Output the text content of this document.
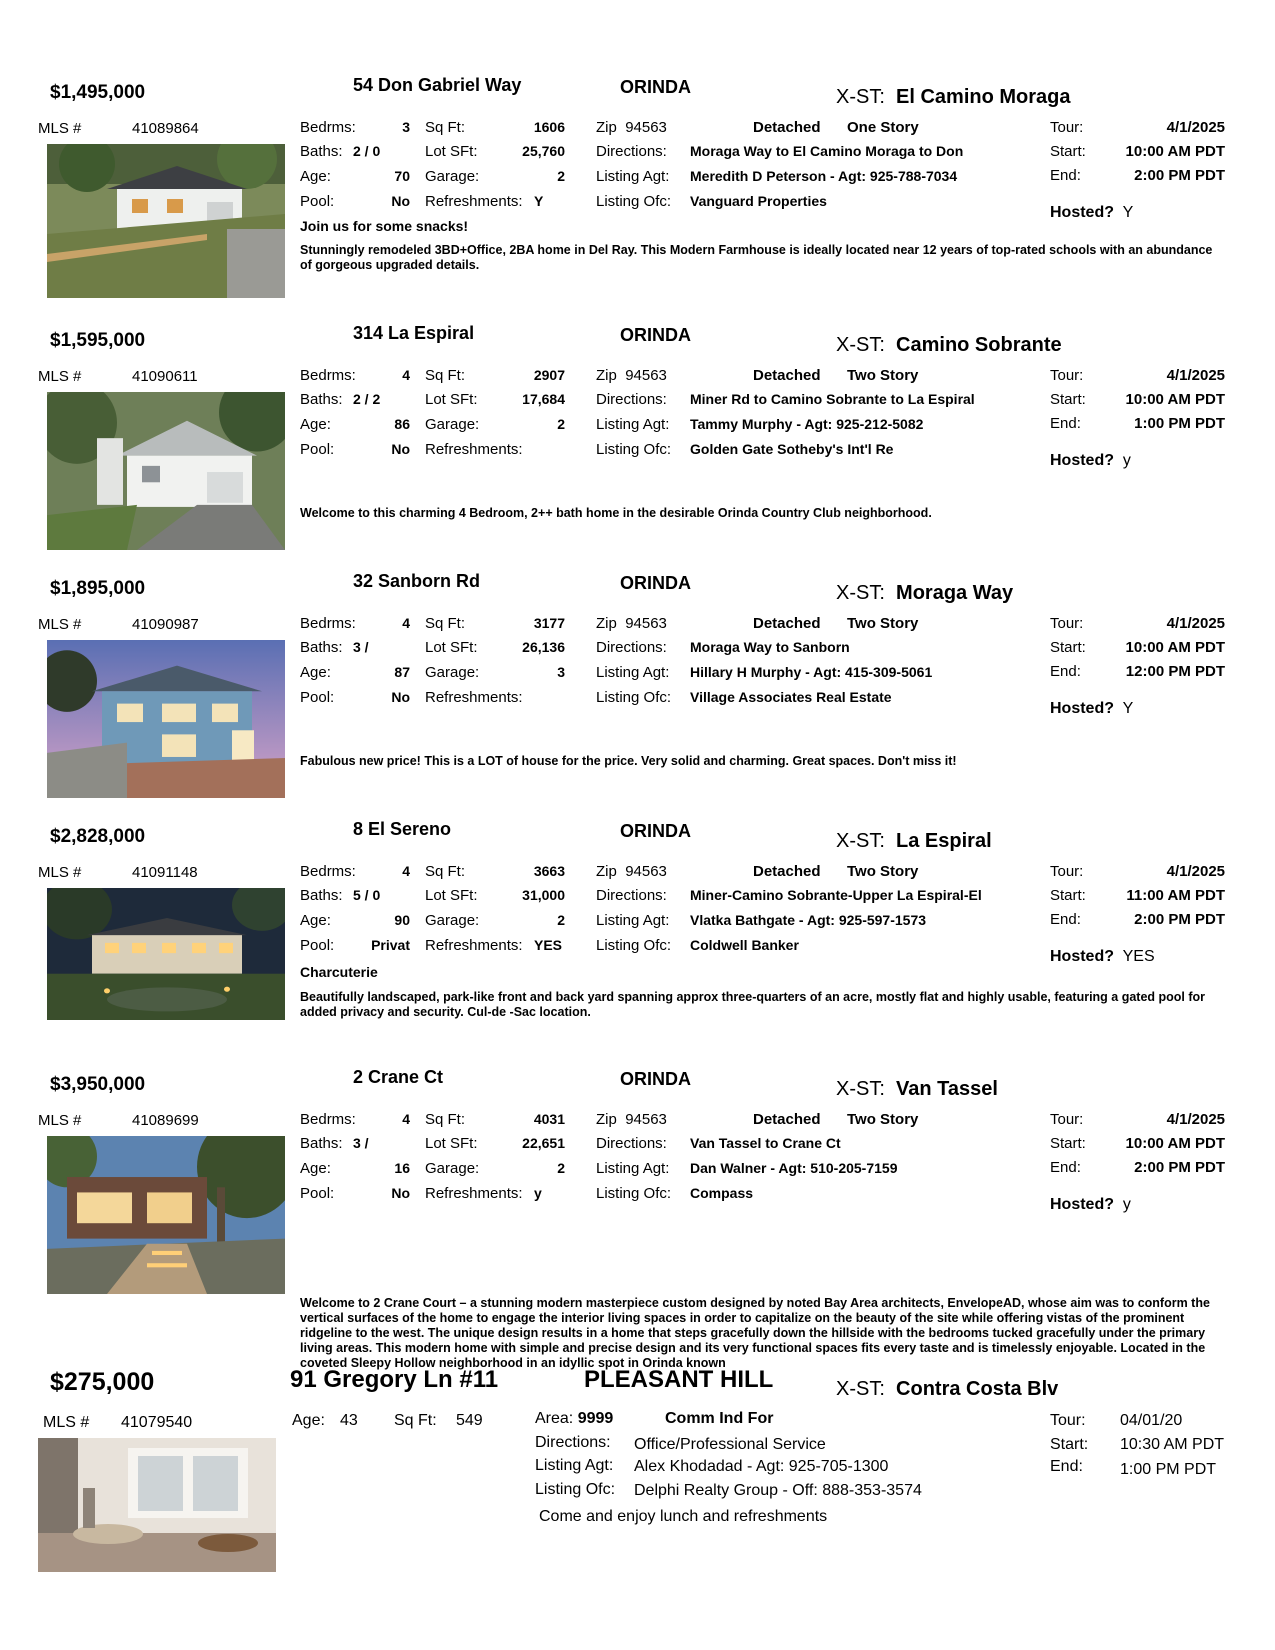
$1,495,000	54 Don Gabriel Way	ORINDA	X-ST: El Camino Moraga
MLS #	41089864	Bedrms:	3
Baths: 2 / 0
Age:	70
Pool:	No
Sq Ft:	1606
Lot SFt:	25,760
Garage:	2
Refreshments: Y
Zip 94563	Detached One Story
Directions: Moraga Way to El Camino Moraga to Don
Listing Agt: Meredith D Peterson - Agt: 925-788-7034
Listing Ofc: Vanguard Properties
Tour:	4/1/2025
Start:	10:00 AM PDT
End:	2:00 PM PDT
Hosted? Y
Join us for some snacks!
Stunningly remodeled 3BD+Office, 2BA home in Del Ray. This Modern Farmhouse is ideally located near 12 years of top-rated schools with an abundance of gorgeous upgraded details.
$1,595,000	314 La Espiral	ORINDA	X-ST: Camino Sobrante
MLS #	41090611	Bedrms:	4
Baths: 2 / 2
Age:	86
Pool:	No
Sq Ft:	2907
Lot SFt:	17,684
Garage:	2
Refreshments:
Zip 94563	Detached Two Story
Directions: Miner Rd to Camino Sobrante to La Espiral
Listing Agt: Tammy Murphy - Agt: 925-212-5082
Listing Ofc: Golden Gate Sotheby's Int'l Re
Tour:	4/1/2025
Start:	10:00 AM PDT
End:	1:00 PM PDT
Hosted? y
Welcome to this charming 4 Bedroom, 2++ bath home in the desirable Orinda Country Club neighborhood.
$1,895,000	32 Sanborn Rd	ORINDA	X-ST: Moraga Way
MLS #	41090987	Bedrms:	4
Baths: 3 /
Age:	87
Pool:	No
Sq Ft:	3177
Lot SFt:	26,136
Garage:	3
Refreshments:
Zip 94563	Detached Two Story
Directions: Moraga Way to Sanborn
Listing Agt: Hillary H Murphy - Agt: 415-309-5061
Listing Ofc: Village Associates Real Estate
Tour:	4/1/2025
Start:	10:00 AM PDT
End:	12:00 PM PDT
Hosted? Y
Fabulous new price! This is a LOT of house for the price. Very solid and charming. Great spaces. Don't miss it!
$2,828,000	8 El Sereno	ORINDA	X-ST: La Espiral
MLS #	41091148	Bedrms:	4
Baths: 5 / 0
Age:	90
Pool:	Privat
Sq Ft:	3663
Lot SFt:	31,000
Garage:	2
Refreshments: YES
Zip 94563	Detached Two Story
Directions: Miner-Camino Sobrante-Upper La Espiral-El
Listing Agt: Vlatka Bathgate - Agt: 925-597-1573
Listing Ofc: Coldwell Banker
Tour:	4/1/2025
Start:	11:00 AM PDT
End:	2:00 PM PDT
Hosted? YES
Charcuterie
Beautifully landscaped, park-like front and back yard spanning approx three-quarters of an acre, mostly flat and highly usable, featuring a gated pool for added privacy and security. Cul-de -Sac location.
$3,950,000	2 Crane Ct	ORINDA	X-ST: Van Tassel
MLS #	41089699	Bedrms:	4
Baths: 3 /
Age:	16
Pool:	No
Sq Ft:	4031
Lot SFt:	22,651
Garage:	2
Refreshments: y
Zip 94563	Detached Two Story
Directions: Van Tassel to Crane Ct
Listing Agt: Dan Walner - Agt: 510-205-7159
Listing Ofc: Compass
Tour:	4/1/2025
Start:	10:00 AM PDT
End:	2:00 PM PDT
Hosted? y
Welcome to 2 Crane Court – a stunning modern masterpiece custom designed by noted Bay Area architects, EnvelopeAD, whose aim was to conform the vertical surfaces of the home to engage the interior living spaces in order to capitalize on the beauty of the site while offering vistas of the prominent ridgeline to the west. The unique design results in a home that steps gracefully down the hillside with the bedrooms tucked gracefully under the primary living areas. This modern home with simple and precise design and its very functional spaces fits every taste and is timelessly enjoyable. Located in the coveted Sleepy Hollow neighborhood in an idyllic spot in Orinda known
$275,000	91 Gregory Ln #11	PLEASANT HILL	X-ST: Contra Costa Blv
MLS # 41079540	Age: 43 Sq Ft: 549	Area: 9999	Comm Ind For
Directions: Office/Professional Service
Listing Agt: Alex Khodadad - Agt: 925-705-1300
Listing Ofc: Delphi Realty Group - Off: 888-353-3574
Come and enjoy lunch and refreshments
Tour: 04/01/20
Start: 10:30 AM PDT
End: 1:00 PM PDT
